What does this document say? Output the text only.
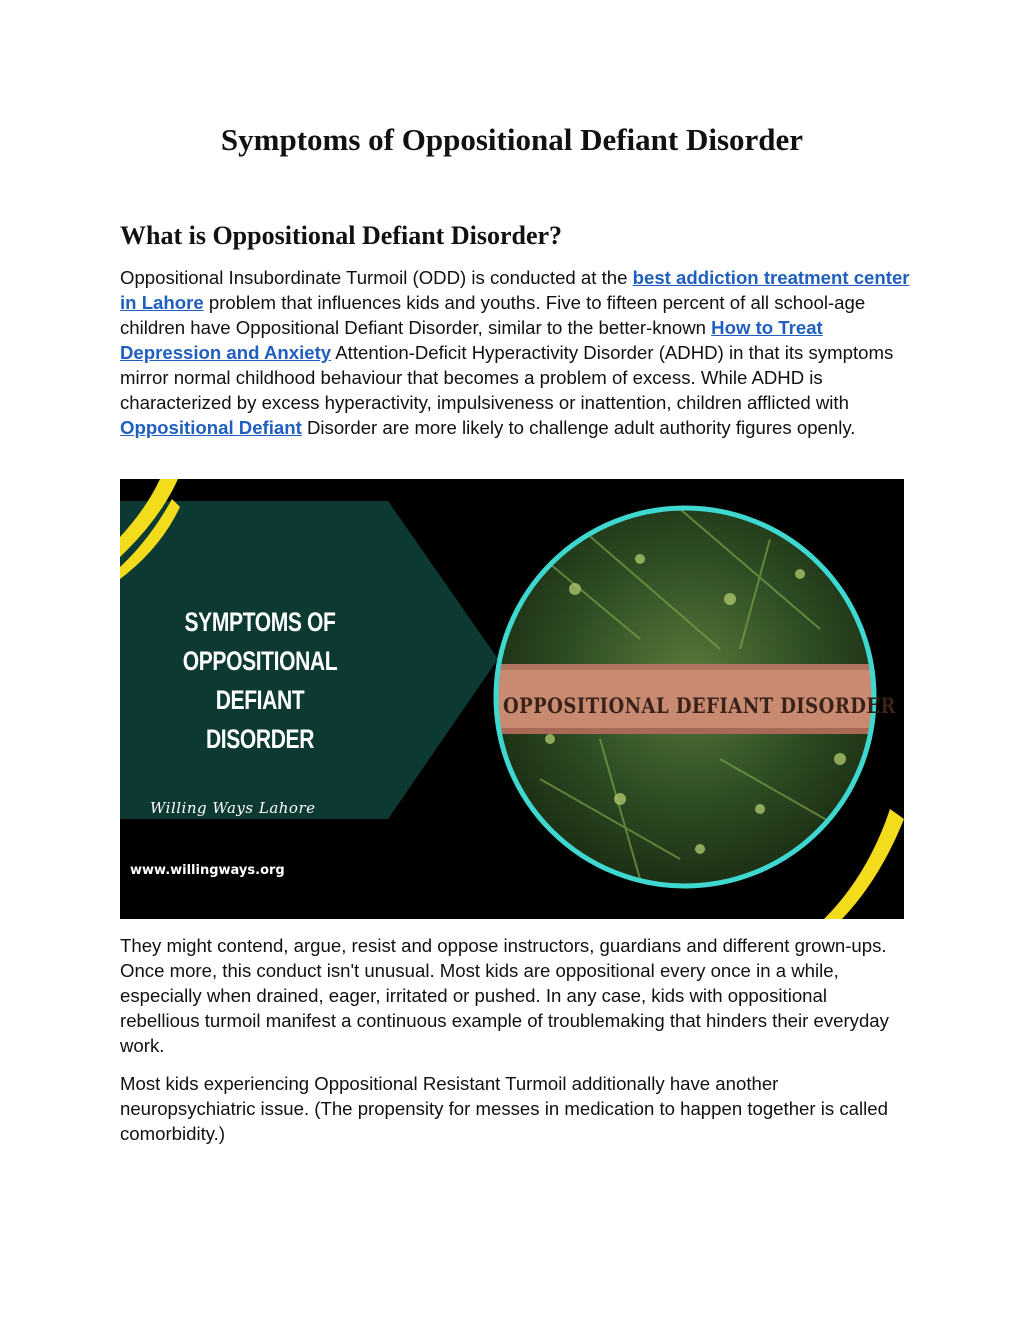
Symptoms of Oppositional Defiant Disorder
What is Oppositional Defiant Disorder?

Oppositional Insubordinate Turmoil (ODD) is conducted at the best addiction treatment center in Lahore problem that influences kids and youths. Five to fifteen percent of all school-age children have Oppositional Defiant Disorder, similar to the better-known How to Treat Depression and Anxiety Attention-Deficit Hyperactivity Disorder (ADHD) in that its symptoms mirror normal childhood behaviour that becomes a problem of excess. While ADHD is characterized by excess hyperactivity, impulsiveness or inattention, children afflicted with Oppositional Defiant Disorder are more likely to challenge adult authority figures openly.

SYMPTOMS OF
OPPOSITIONAL DEFIANT
DISORDER
Willing Ways Lahore
www.willingways.org
OPPOSITIONAL DEFIANT DISORDER

They might contend, argue, resist and oppose instructors, guardians and different grown-ups. Once more, this conduct isn't unusual. Most kids are oppositional every once in a while, especially when drained, eager, irritated or pushed. In any case, kids with oppositional rebellious turmoil manifest a continuous example of troublemaking that hinders their everyday work.

Most kids experiencing Oppositional Resistant Turmoil additionally have another neuropsychiatric issue. (The propensity for messes in medication to happen together is called comorbidity.)
